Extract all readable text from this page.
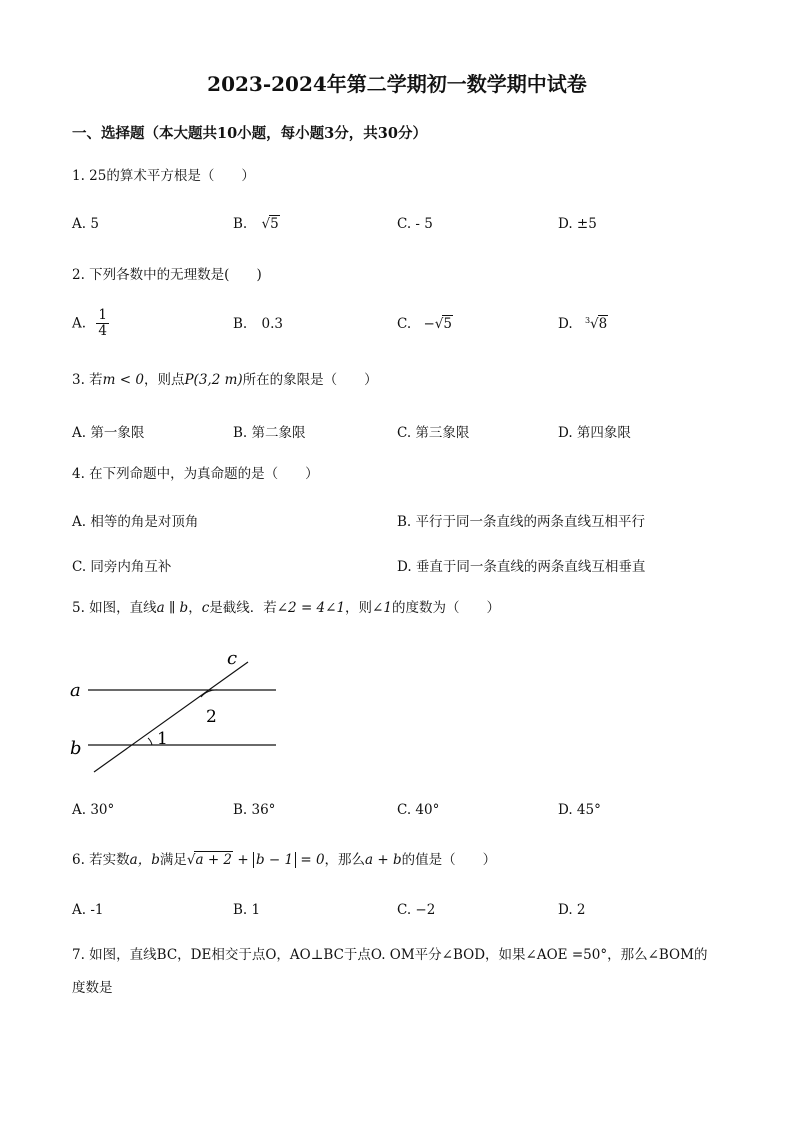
2023-2024年第二学期初一数学期中试卷
一、选择题（本大题共10小题，每小题3分，共30分）
1. 25的算术平方根是（　　）
A. 5	B. √5	C. - 5	D. ±5
2. 下列各数中的无理数是(　　)
A. $\frac{1}{4}$	B. 0.3	C. −√5	D. $^3$√8
3. 若m < 0，则点P(3,2 m)所在的象限是（　　）
A. 第一象限	B. 第二象限	C. 第三象限	D. 第四象限
4. 在下列命题中，为真命题的是（　　）
A. 相等的角是对顶角	B. 平行于同一条直线的两条直线互相平行
C. 同旁内角互补	D. 垂直于同一条直线的两条直线互相垂直
5. 如图，直线a ∥ b，c是截线．若∠2 = 4∠1，则∠1的度数为（　　）
a
b
c
2
1
A. 30°	B. 36°	C. 40°	D. 45°
6. 若实数a，b满足√a + 2 + b − 1 = 0，那么a + b的值是（　　）
A. -1	B. 1	C. −2	D. 2
7. 如图，直线BC，DE相交于点O，AO⊥BC于点O. OM平分∠BOD，如果∠AOE =50°，那么∠BOM的
度数是
